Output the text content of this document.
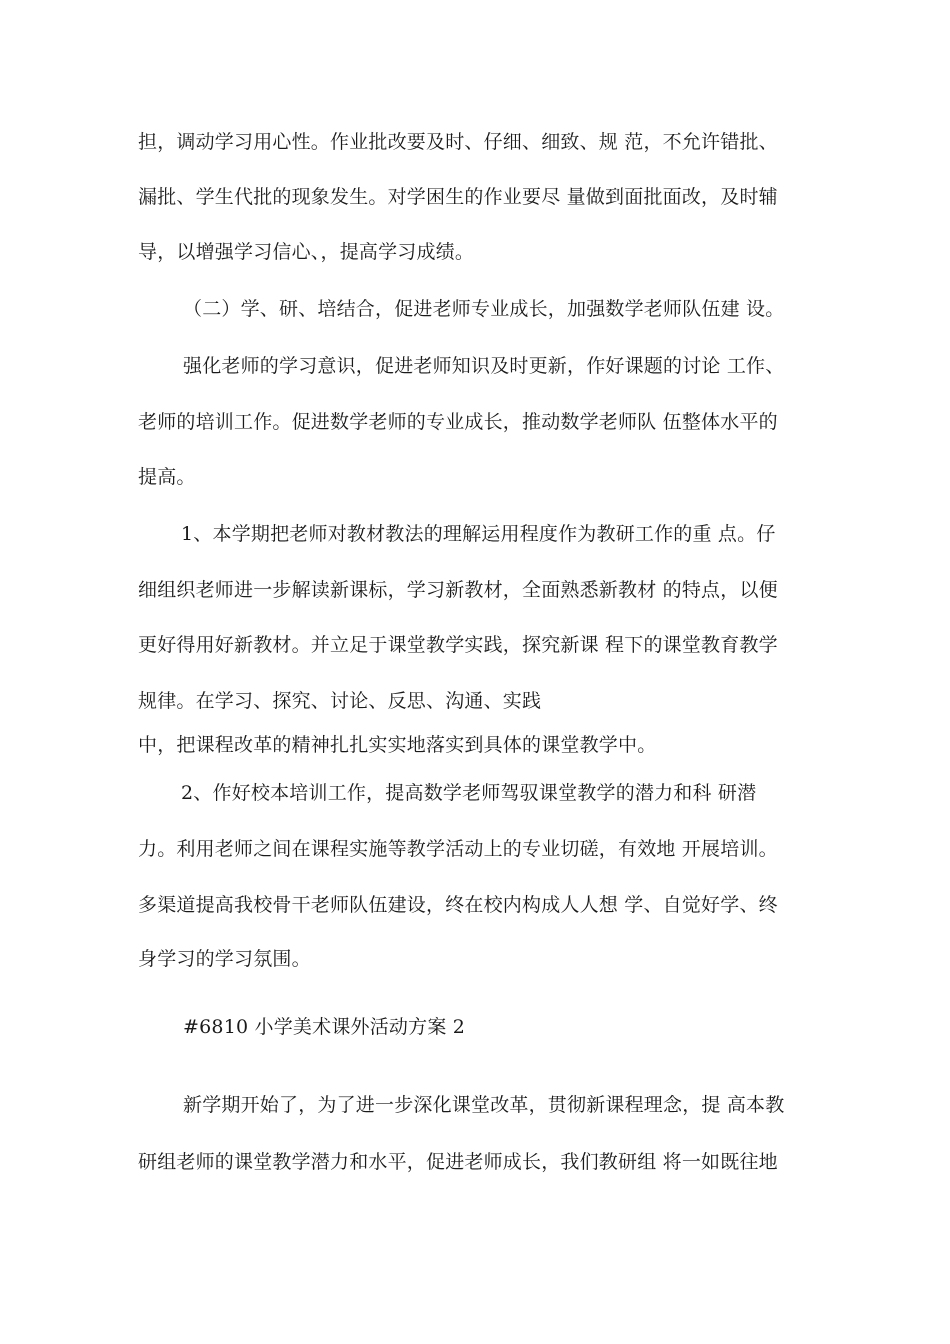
担，调动学习用心性。作业批改要及时、仔细、细致、规 范，不允许错批、
漏批、学生代批的现象发生。对学困生的作业要尽 量做到面批面改，及时辅
导，以增强学习信心、，提高学习成绩。
（二）学、研、培结合，促进老师专业成长，加强数学老师队伍建 设。
强化老师的学习意识，促进老师知识及时更新，作好课题的讨论 工作、
老师的培训工作。促进数学老师的专业成长，推动数学老师队 伍整体水平的
提高。
1、本学期把老师对教材教法的理解运用程度作为教研工作的重 点。仔
细组织老师进一步解读新课标，学习新教材，全面熟悉新教材 的特点，以便
更好得用好新教材。并立足于课堂教学实践，探究新课 程下的课堂教育教学
规律。在学习、探究、讨论、反思、沟通、实践
中，把课程改革的精神扎扎实实地落实到具体的课堂教学中。
2、作好校本培训工作，提高数学老师驾驭课堂教学的潜力和科 研潜
力。利用老师之间在课程实施等教学活动上的专业切磋，有效地 开展培训。
多渠道提高我校骨干老师队伍建设，终在校内构成人人想 学、自觉好学、终
身学习的学习氛围。
#6810 小学美术课外活动方案 2
新学期开始了，为了进一步深化课堂改革，贯彻新课程理念，提 高本教
研组老师的课堂教学潜力和水平，促进老师成长，我们教研组 将一如既往地
